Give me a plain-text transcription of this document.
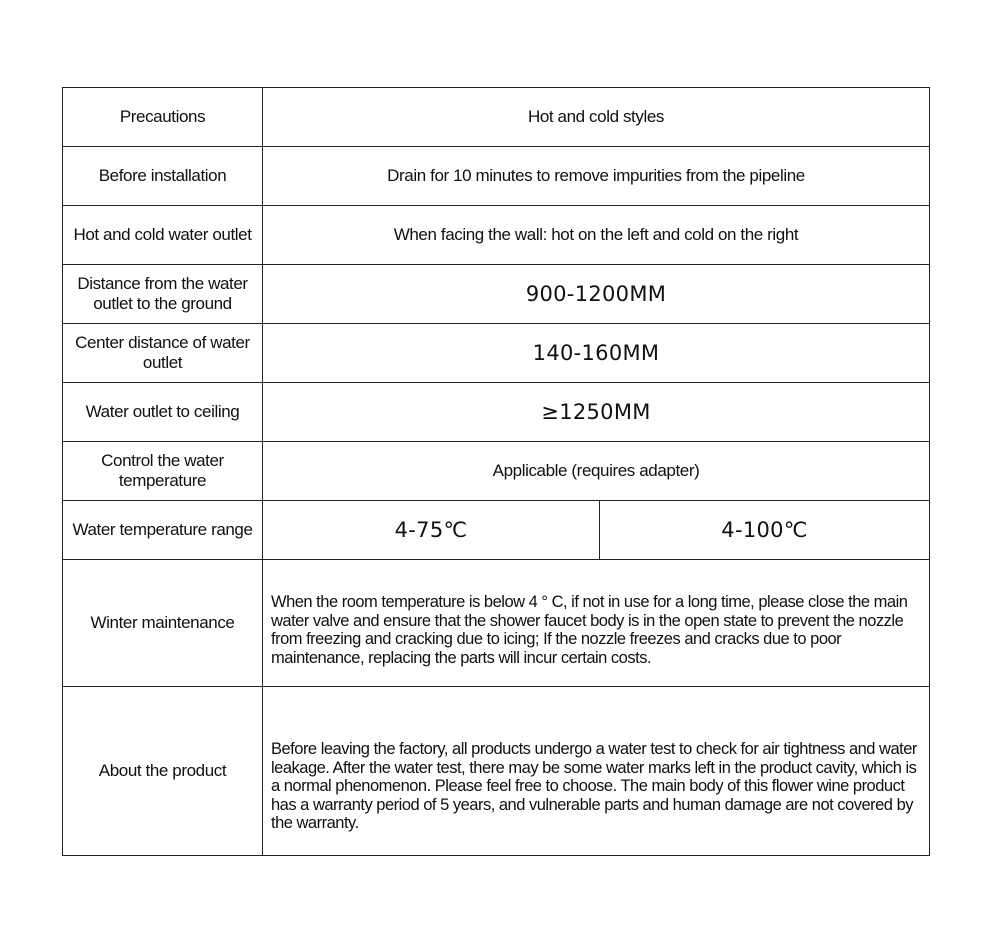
Precautions	Hot and cold styles	
Before installation	Drain for 10 minutes to remove impurities from the pipeline	
Hot and cold water outlet	When facing the wall: hot on the left and cold on the right	
Distance from the water outlet to the ground	900-1200MM	
Center distance of water outlet	140-160MM	
Water outlet to ceiling	≥1250MM	
Control the water temperature	Applicable (requires adapter)	
Water temperature range	4-75℃	4-100℃
Winter maintenance	When the room temperature is below 4 ° C, if not in use for a long time, please close the main water valve and ensure that the shower faucet body is in the open state to prevent the nozzle from freezing and cracking due to icing; If the nozzle freezes and cracks due to poor maintenance, replacing the parts will incur certain costs.	

About the product	Before leaving the factory, all products undergo a water test to check for air tightness and water leakage. After the water test, there may be some water marks left in the product cavity, which is a normal phenomenon. Please feel free to choose. The main body of this flower wine product has a warranty period of 5 years, and vulnerable parts and human damage are not covered by the warranty.	
